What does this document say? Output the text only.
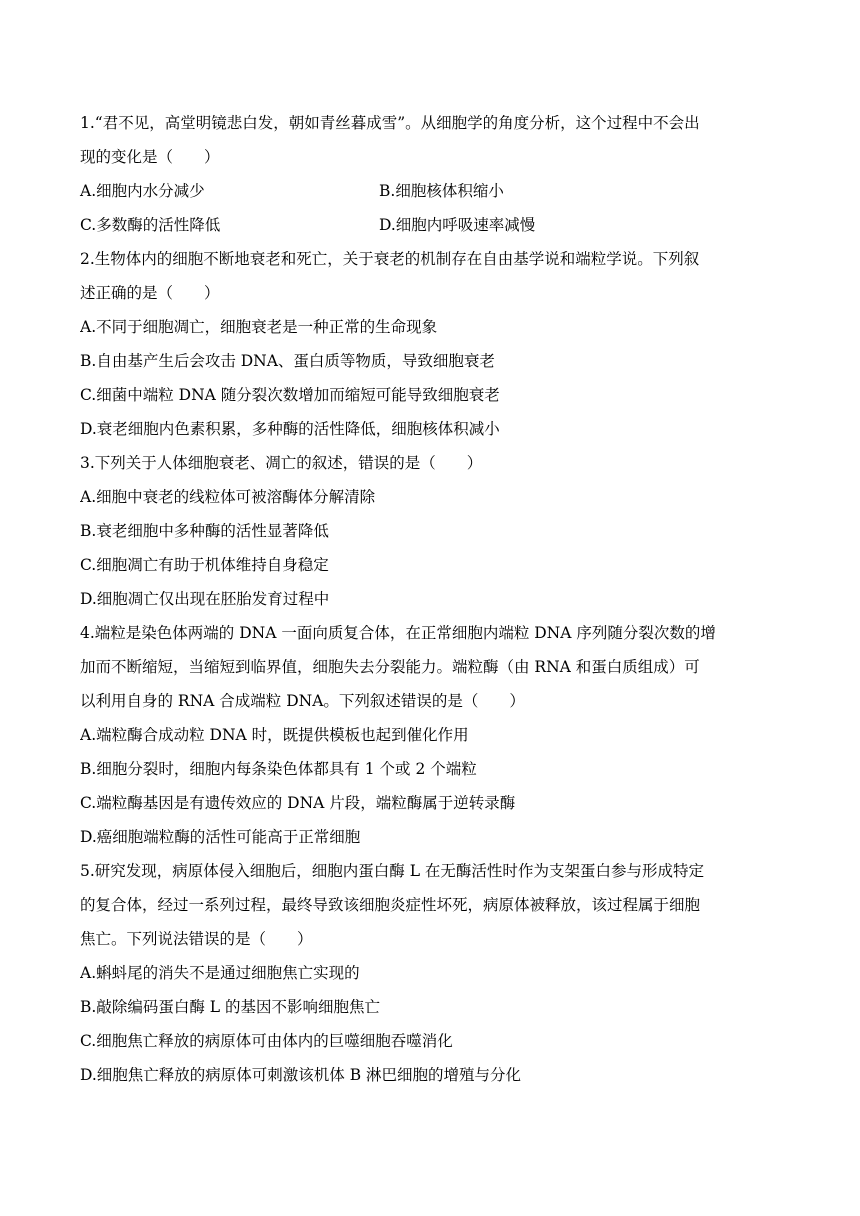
1.“君不见，高堂明镜悲白发，朝如青丝暮成雪”。从细胞学的角度分析，这个过程中不会出
现的变化是（　　）
A.细胞内水分减少	B.细胞核体积缩小
C.多数酶的活性降低	D.细胞内呼吸速率减慢
2.生物体内的细胞不断地衰老和死亡，关于衰老的机制存在自由基学说和端粒学说。下列叙
述正确的是（　　）
A.不同于细胞凋亡，细胞衰老是一种正常的生命现象
B.自由基产生后会攻击 DNA、蛋白质等物质，导致细胞衰老
C.细菌中端粒 DNA 随分裂次数增加而缩短可能导致细胞衰老
D.衰老细胞内色素积累，多种酶的活性降低，细胞核体积减小
3.下列关于人体细胞衰老、凋亡的叙述，错误的是（　　）
A.细胞中衰老的线粒体可被溶酶体分解清除
B.衰老细胞中多种酶的活性显著降低
C.细胞凋亡有助于机体维持自身稳定
D.细胞凋亡仅出现在胚胎发育过程中
4.端粒是染色体两端的 DNA 一面向质复合体，在正常细胞内端粒 DNA 序列随分裂次数的增
加而不断缩短，当缩短到临界值，细胞失去分裂能力。端粒酶（由 RNA 和蛋白质组成）可
以利用自身的 RNA 合成端粒 DNA。下列叙述错误的是（　　）
A.端粒酶合成动粒 DNA 时，既提供模板也起到催化作用
B.细胞分裂时，细胞内每条染色体都具有 1 个或 2 个端粒
C.端粒酶基因是有遗传效应的 DNA 片段，端粒酶属于逆转录酶
D.癌细胞端粒酶的活性可能高于正常细胞
5.研究发现，病原体侵入细胞后，细胞内蛋白酶 L 在无酶活性时作为支架蛋白参与形成特定
的复合体，经过一系列过程，最终导致该细胞炎症性坏死，病原体被释放，该过程属于细胞
焦亡。下列说法错误的是（　　）
A.蝌蚪尾的消失不是通过细胞焦亡实现的
B.敲除编码蛋白酶 L 的基因不影响细胞焦亡
C.细胞焦亡释放的病原体可由体内的巨噬细胞吞噬消化
D.细胞焦亡释放的病原体可刺激该机体 B 淋巴细胞的增殖与分化
